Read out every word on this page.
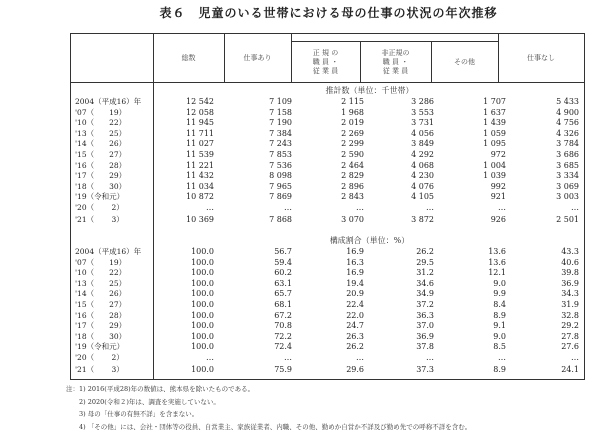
表６　児童のいる世帯における母の仕事の状況の年次推移
総数	仕事あり
正 規 の
職 員 ・
従 業 員
非正規の
職 員 ・
従 業 員
その他	仕事なし
推計数（単位：千世帯）
2004（平成16）年	12 542	7 109	2 115	3 286	1 707	5 433
'07（　　19）	12 058	7 158	1 968	3 553	1 637	4 900
'10（　　22）	11 945	7 190	2 019	3 731	1 439	4 756
'13（　　25）	11 711	7 384	2 269	4 056	1 059	4 326
'14（　　26）	11 027	7 243	2 299	3 849	1 095	3 784
'15（　　27）	11 539	7 853	2 590	4 292	972	3 686
'16（　　28）	11 221	7 536	2 464	4 068	1 004	3 685
'17（　　29）	11 432	8 098	2 829	4 230	1 039	3 334
'18（　　30）	11 034	7 965	2 896	4 076	992	3 069
'19（令和元）	10 872	7 869	2 843	4 105	921	3 003
'20（　　 2）	…	…	…	…	…	…
'21（　　 3）	10 369	7 868	3 070	3 872	926	2 501
構成割合（単位：%）
2004（平成16）年	100.0	56.7	16.9	26.2	13.6	43.3
'07（　　19）	100.0	59.4	16.3	29.5	13.6	40.6
'10（　　22）	100.0	60.2	16.9	31.2	12.1	39.8
'13（　　25）	100.0	63.1	19.4	34.6	9.0	36.9
'14（　　26）	100.0	65.7	20.9	34.9	9.9	34.3
'15（　　27）	100.0	68.1	22.4	37.2	8.4	31.9
'16（　　28）	100.0	67.2	22.0	36.3	8.9	32.8
'17（　　29）	100.0	70.8	24.7	37.0	9.1	29.2
'18（　　30）	100.0	72.2	26.3	36.9	9.0	27.8
'19（令和元）	100.0	72.4	26.2	37.8	8.5	27.6
'20（　　 2）	…	…	…	…	…	…
'21（　　 3）	100.0	75.9	29.6	37.3	8.9	24.1
注：1) 2016(平成28)年の数値は、熊本県を除いたものである。
　　2) 2020(令和２)年は、調査を実施していない。
　　3) 母の「仕事の有無不詳」を含まない。
　　4) 「その他」には、会社・団体等の役員、自営業主、家族従業者、内職、その他、勤めか自営か不詳及び勤め先での呼称不詳を含む。
